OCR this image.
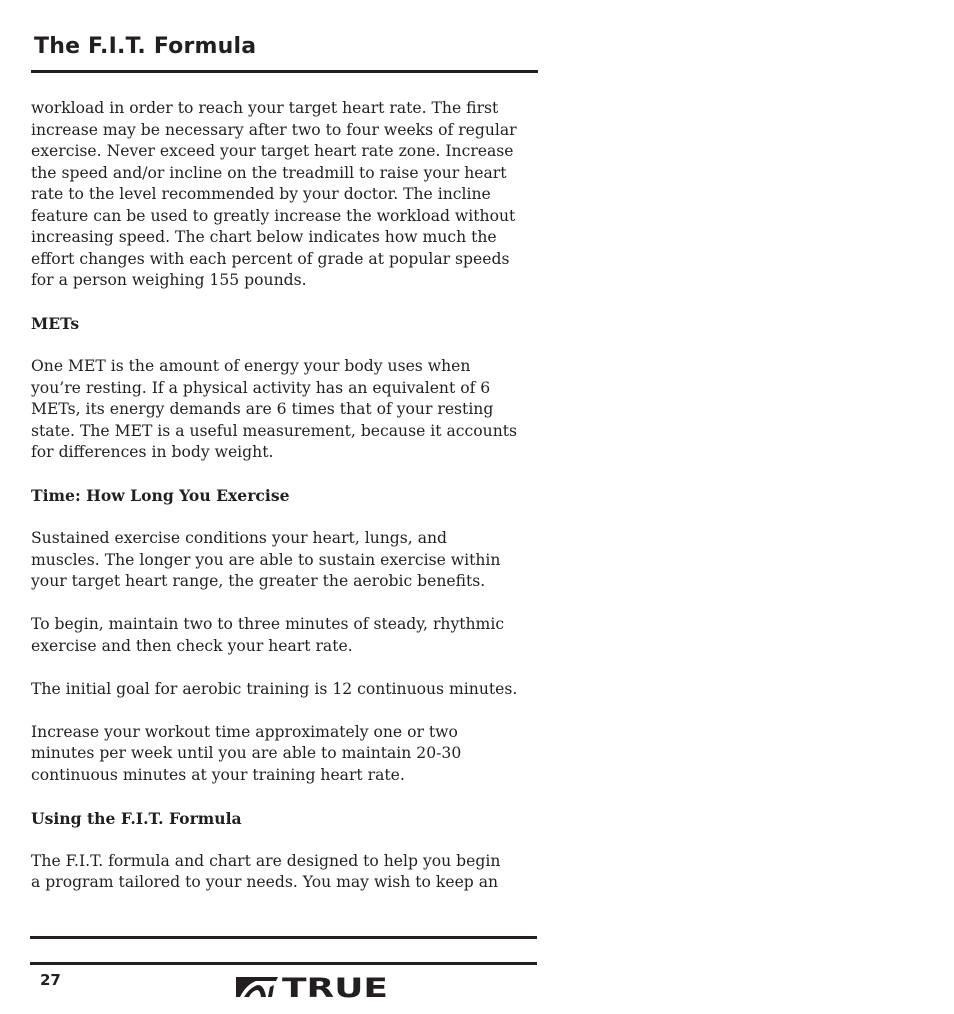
The F.I.T. Formula

workload in order to reach your target heart rate. The first
increase may be necessary after two to four weeks of regular
exercise. Never exceed your target heart rate zone. Increase
the speed and/or incline on the treadmill to raise your heart
rate to the level recommended by your doctor. The incline
feature can be used to greatly increase the workload without
increasing speed. The chart below indicates how much the
effort changes with each percent of grade at popular speeds
for a person weighing 155 pounds.

METs

One MET is the amount of energy your body uses when
you’re resting. If a physical activity has an equivalent of 6
METs, its energy demands are 6 times that of your resting
state. The MET is a useful measurement, because it accounts
for differences in body weight.

Time: How Long You Exercise

Sustained exercise conditions your heart, lungs, and
muscles. The longer you are able to sustain exercise within
your target heart range, the greater the aerobic benefits.

To begin, maintain two to three minutes of steady, rhythmic
exercise and then check your heart rate.

The initial goal for aerobic training is 12 continuous minutes.

Increase your workout time approximately one or two
minutes per week until you are able to maintain 20-30
continuous minutes at your training heart rate.

Using the F.I.T. Formula

The F.I.T. formula and chart are designed to help you begin
a program tailored to your needs. You may wish to keep an

27	TRUE
